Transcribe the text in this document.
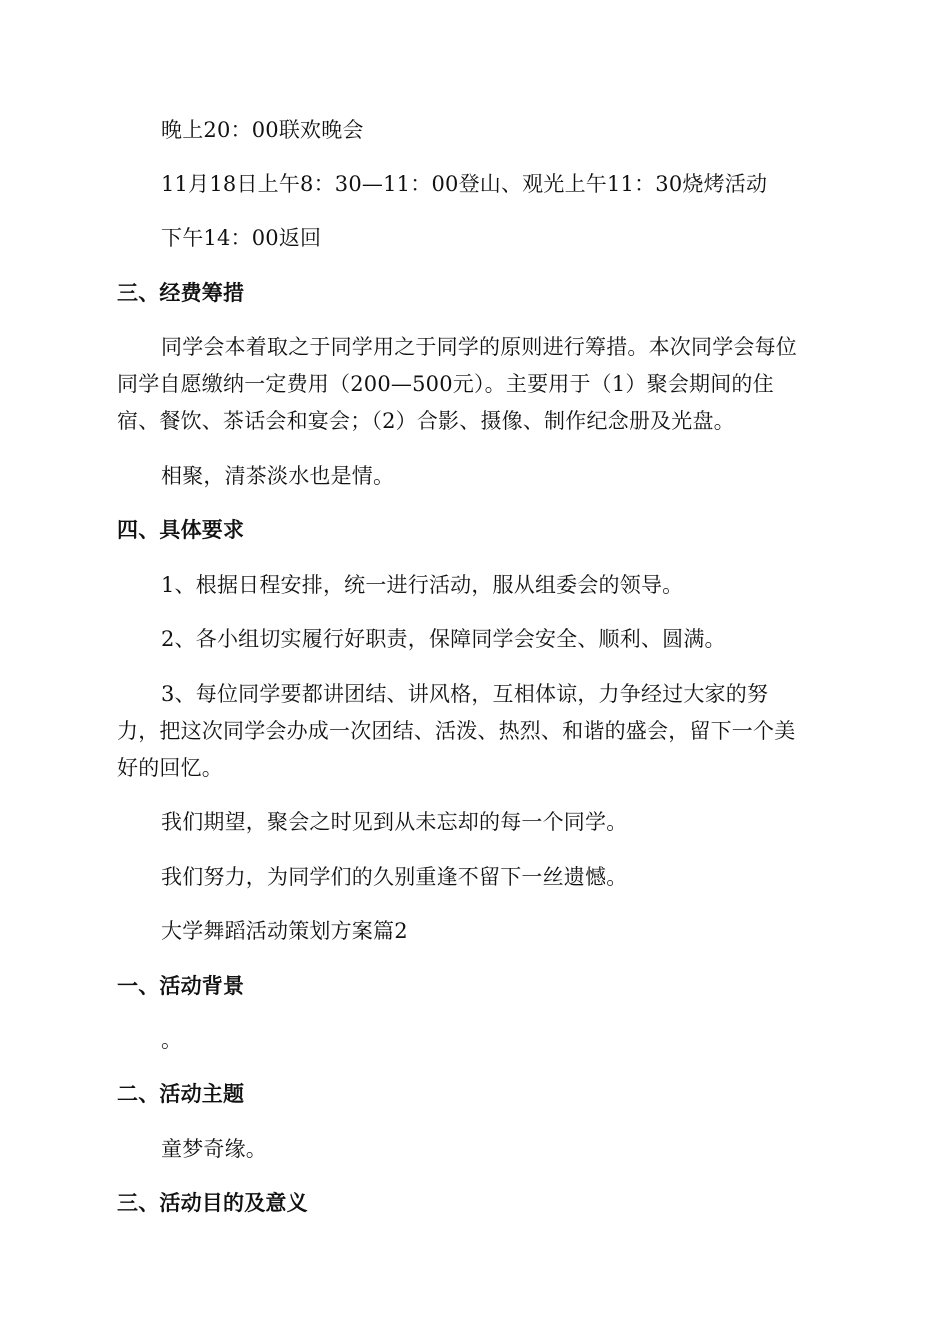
晚上20：00联欢晚会
11月18日上午8：30—11：00登山、观光上午11：30烧烤活动
下午14：00返回
三、经费筹措
同学会本着取之于同学用之于同学的原则进行筹措。本次同学会每位
同学自愿缴纳一定费用（200—500元）。主要用于（1）聚会期间的住
宿、餐饮、茶话会和宴会；（2）合影、摄像、制作纪念册及光盘。
相聚，清茶淡水也是情。
四、具体要求
1、根据日程安排，统一进行活动，服从组委会的领导。
2、各小组切实履行好职责，保障同学会安全、顺利、圆满。
3、每位同学要都讲团结、讲风格，互相体谅，力争经过大家的努
力，把这次同学会办成一次团结、活泼、热烈、和谐的盛会，留下一个美
好的回忆。
我们期望，聚会之时见到从未忘却的每一个同学。
我们努力，为同学们的久别重逢不留下一丝遗憾。
大学舞蹈活动策划方案篇2
一、活动背景
。
二、活动主题
童梦奇缘。
三、活动目的及意义
